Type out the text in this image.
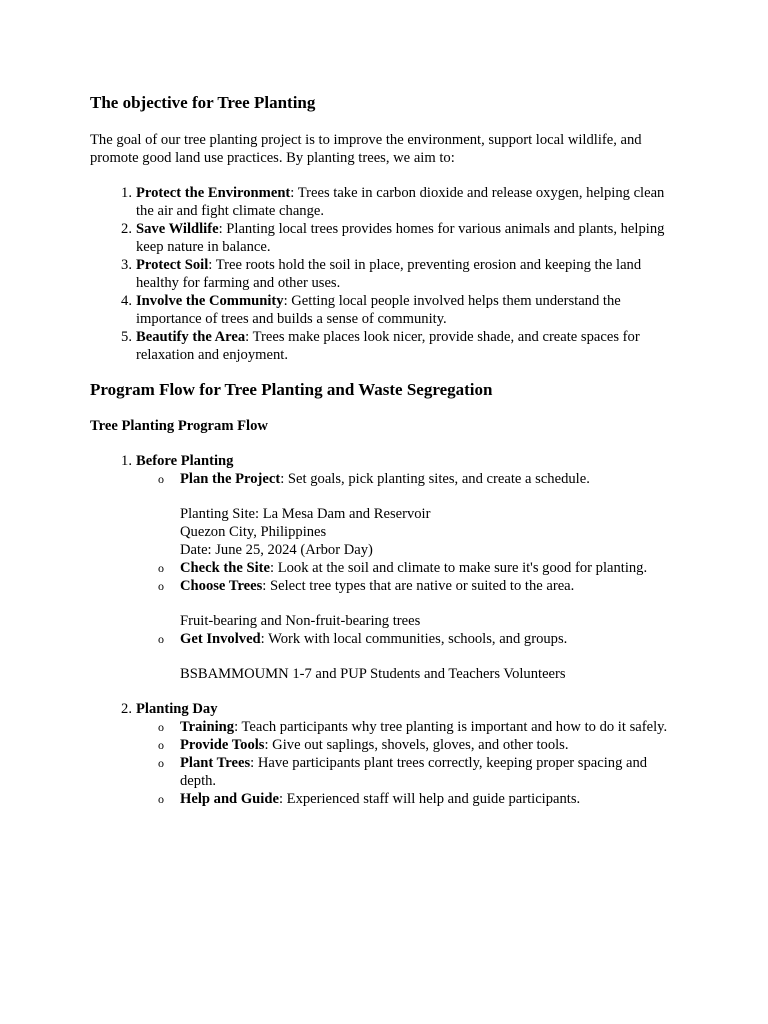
The objective for Tree Planting

The goal of our tree planting project is to improve the environment, support local wildlife, and promote good land use practices. By planting trees, we aim to:

1. Protect the Environment: Trees take in carbon dioxide and release oxygen, helping clean the air and fight climate change.
2. Save Wildlife: Planting local trees provides homes for various animals and plants, helping keep nature in balance.
3. Protect Soil: Tree roots hold the soil in place, preventing erosion and keeping the land healthy for farming and other uses.
4. Involve the Community: Getting local people involved helps them understand the importance of trees and builds a sense of community.
5. Beautify the Area: Trees make places look nicer, provide shade, and create spaces for relaxation and enjoyment.
Program Flow for Tree Planting and Waste Segregation
Tree Planting Program Flow
1. Before Planting
o Plan the Project: Set goals, pick planting sites, and create a schedule.

Planting Site: La Mesa Dam and Reservoir

Quezon City, Philippines

Date: June 25, 2024 (Arbor Day)

o Check the Site: Look at the soil and climate to make sure it's good for planting.
o Choose Trees: Select tree types that are native or suited to the area.

Fruit-bearing and Non-fruit-bearing trees

o Get Involved: Work with local communities, schools, and groups.

BSBAMMOUMN 1-7 and PUP Students and Teachers Volunteers

2. Planting Day
o Training: Teach participants why tree planting is important and how to do it safely.
o Provide Tools: Give out saplings, shovels, gloves, and other tools.
o Plant Trees: Have participants plant trees correctly, keeping proper spacing and depth.
o Help and Guide: Experienced staff will help and guide participants.
